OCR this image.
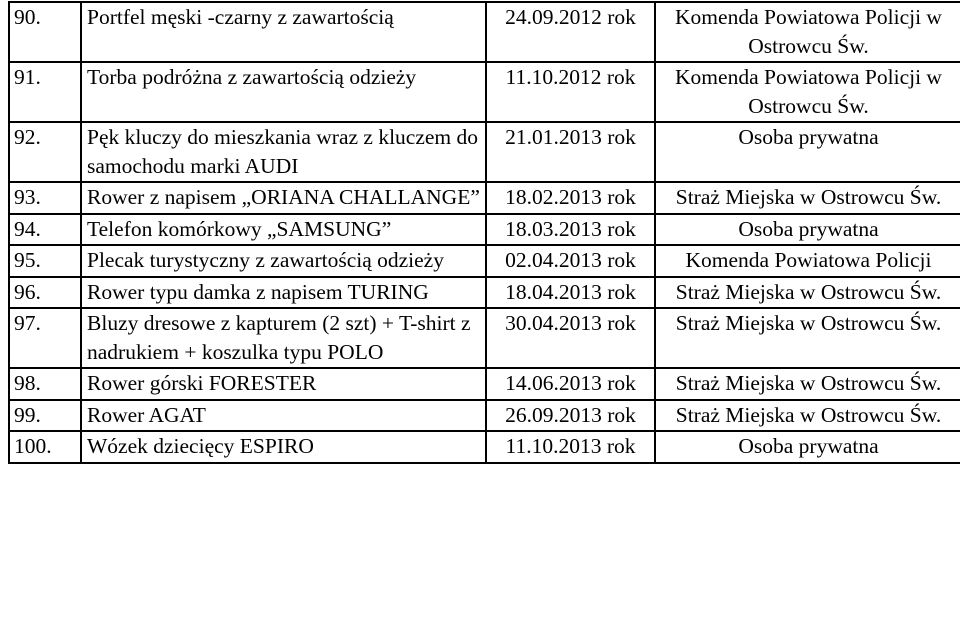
90.	Portfel męski -czarny z zawartością	24.09.2012 rok	Komenda Powiatowa Policji w Ostrowcu Św.
91.	Torba podróżna z zawartością odzieży	11.10.2012 rok	Komenda Powiatowa Policji w Ostrowcu Św.
92.	Pęk kluczy do mieszkania wraz z kluczem do samochodu marki AUDI	21.01.2013 rok	Osoba prywatna
93.	Rower z napisem „ORIANA CHALLANGE”	18.02.2013 rok	Straż Miejska w Ostrowcu Św.
94.	Telefon komórkowy „SAMSUNG”	18.03.2013 rok	Osoba prywatna
95.	Plecak turystyczny z zawartością odzieży	02.04.2013 rok	Komenda Powiatowa Policji
96.	Rower typu damka z napisem TURING	18.04.2013 rok	Straż Miejska w Ostrowcu Św.
97.	Bluzy dresowe z kapturem (2 szt) + T-shirt z nadrukiem + koszulka typu POLO	30.04.2013 rok	Straż Miejska w Ostrowcu Św.
98.	Rower górski FORESTER	14.06.2013 rok	Straż Miejska w Ostrowcu Św.
99.	Rower AGAT	26.09.2013 rok	Straż Miejska w Ostrowcu Św.
100.	Wózek dziecięcy ESPIRO	11.10.2013 rok	Osoba prywatna
